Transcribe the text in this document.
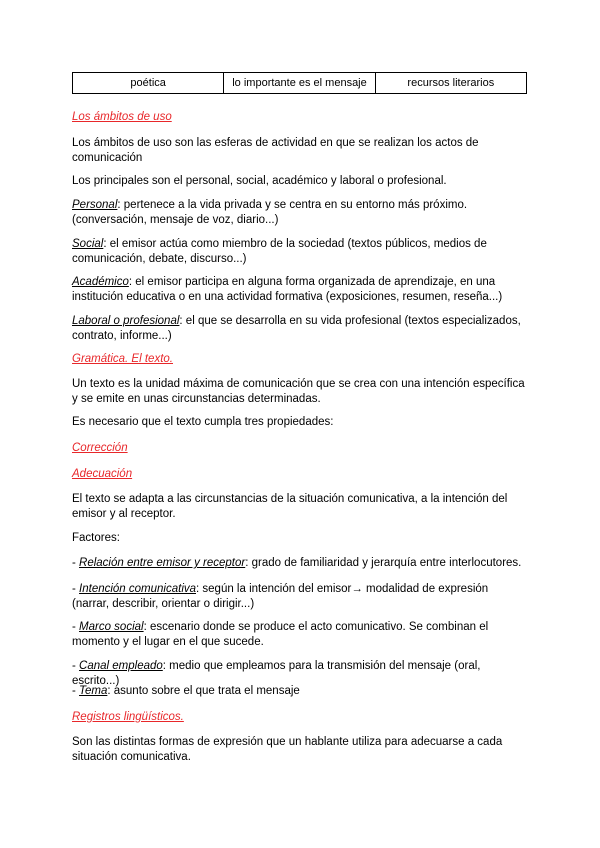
poética	lo importante es el mensaje	recursos literarios

Los ámbitos de uso

Los ámbitos de uso son las esferas de actividad en que se realizan los actos de comunicación

Los principales son el personal, social, académico y laboral o profesional.

Personal: pertenece a la vida privada y se centra en su entorno más próximo. (conversación, mensaje de voz, diario...)

Social: el emisor actúa como miembro de la sociedad (textos públicos, medios de comunicación, debate, discurso...)

Académico: el emisor participa en alguna forma organizada de aprendizaje, en una institución educativa o en una actividad formativa (exposiciones, resumen, reseña...)

Laboral o profesional: el que se desarrolla en su vida profesional (textos especializados, contrato, informe...)

Gramática. El texto.

Un texto es la unidad máxima de comunicación que se crea con una intención específica y se emite en unas circunstancias determinadas.

Es necesario que el texto cumpla tres propiedades:

Corrección

Adecuación

El texto se adapta a las circunstancias de la situación comunicativa, a la intención del emisor y al receptor.

Factores:

- Relación entre emisor y receptor: grado de familiaridad y jerarquía entre interlocutores.

- Intención comunicativa: según la intención del emisor→ modalidad de expresión (narrar, describir, orientar o dirigir...)

- Marco social: escenario donde se produce el acto comunicativo. Se combinan el momento y el lugar en el que sucede.

- Canal empleado: medio que empleamos para la transmisión del mensaje (oral, escrito...)

- Tema: asunto sobre el que trata el mensaje

Registros lingüísticos.

Son las distintas formas de expresión que un hablante utiliza para adecuarse a cada situación comunicativa.
